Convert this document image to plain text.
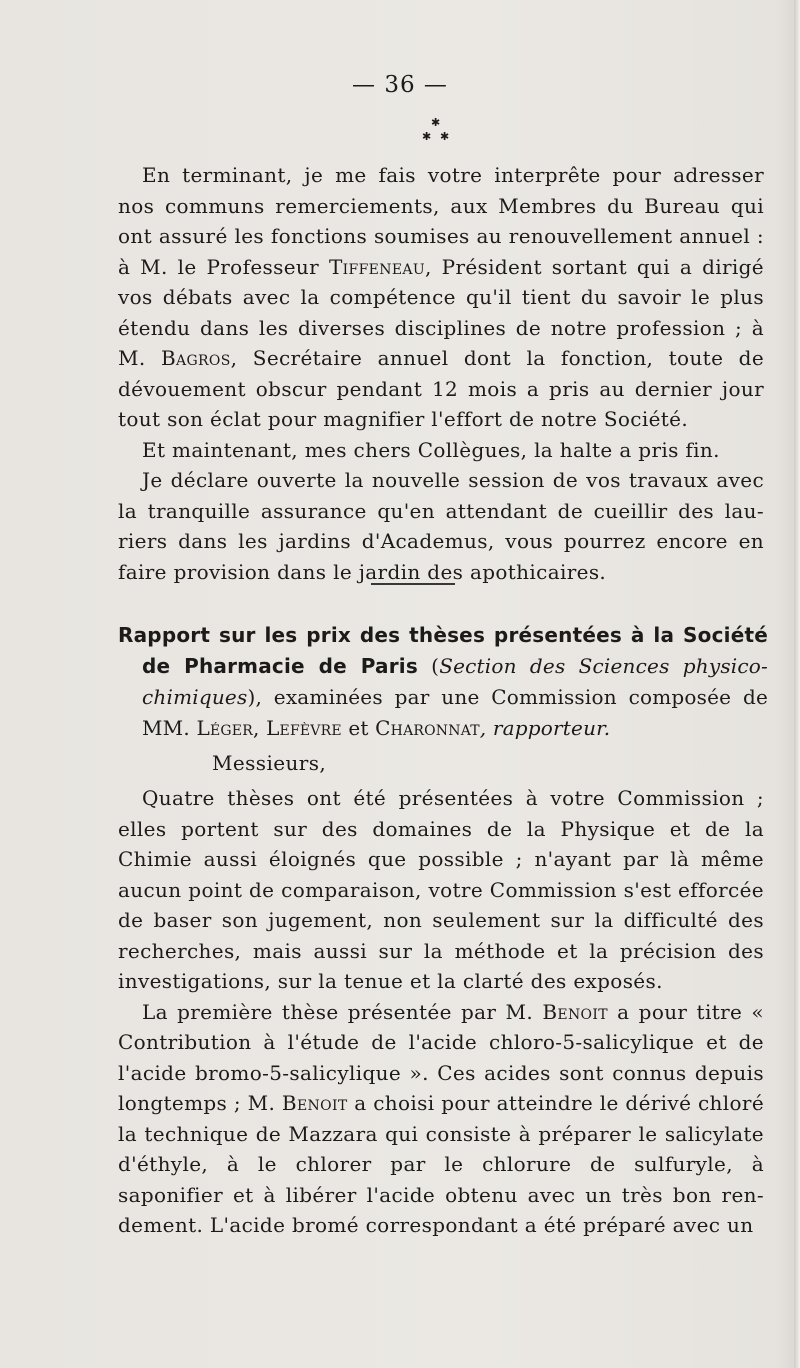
— 36 —
✱
✱ ✱

En terminant, je me fais votre interprête pour adresser nos communs remerciements, aux Membres du Bureau qui ont assuré les fonctions soumises au renouvellement annuel : à M. le Professeur Tiffeneau, Président sortant qui a dirigé vos débats avec la compétence qu'il tient du savoir le plus étendu dans les diverses disciplines de notre profession ; à M. Bagros, Secrétaire annuel dont la fonction, toute de dévouement obscur pendant 12 mois a pris au dernier jour tout son éclat pour magnifier l'effort de notre Société.

Et maintenant, mes chers Collègues, la halte a pris fin.

Je déclare ouverte la nouvelle session de vos travaux avec la tranquille assurance qu'en attendant de cueillir des lau- riers dans les jardins d'Academus, vous pourrez encore en faire provision dans le jardin des apothicaires.

Rapport sur les prix des thèses présentées à la Société de Pharmacie de Paris (Section des Sciences physico-chimiques), examinées par une Commission composée de MM. Léger, Lefèvre et Charonnat, rapporteur.

Messieurs,

Quatre thèses ont été présentées à votre Commission ; elles portent sur des domaines de la Physique et de la Chimie aussi éloignés que possible ; n'ayant par là même aucun point de comparaison, votre Commission s'est efforcée de baser son jugement, non seulement sur la difficulté des recherches, mais aussi sur la méthode et la précision des investigations, sur la tenue et la clarté des exposés.

La première thèse présentée par M. Benoit a pour titre « Contribution à l'étude de l'acide chloro-5-salicylique et de l'acide bromo-5-salicylique ». Ces acides sont connus depuis longtemps ; M. Benoit a choisi pour atteindre le dérivé chloré la technique de Mazzara qui consiste à préparer le salicylate d'éthyle, à le chlorer par le chlorure de sulfuryle, à saponifier et à libérer l'acide obtenu avec un très bon ren- dement. L'acide bromé correspondant a été préparé avec un
